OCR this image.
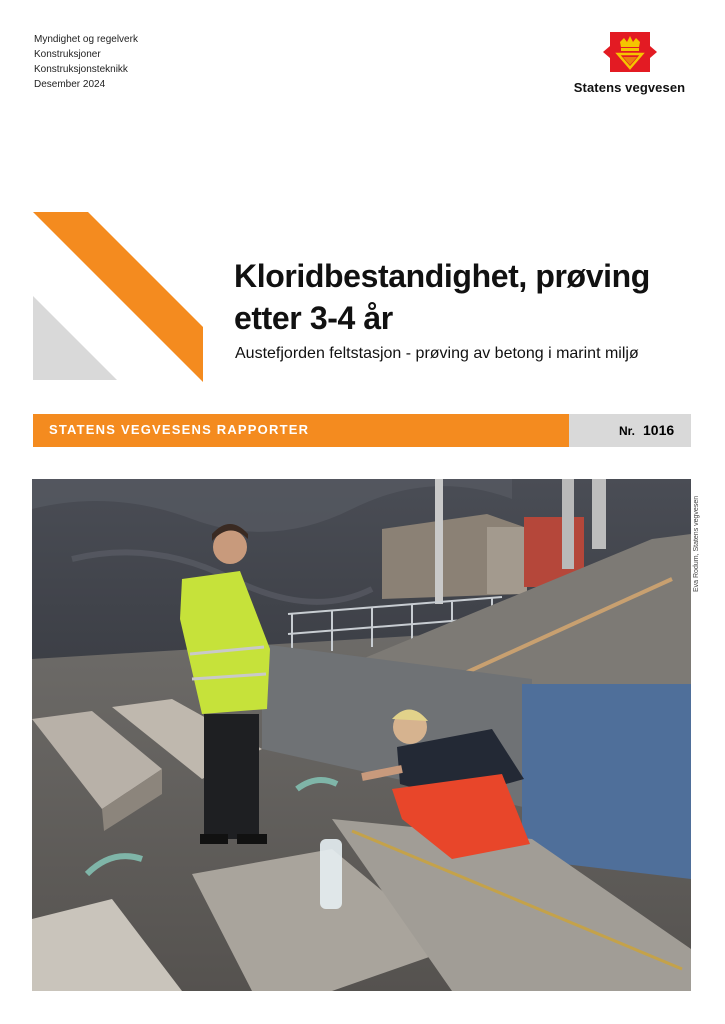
Myndighet og regelverk
Konstruksjoner
Konstruksjonsteknikk
Desember 2024	Statens vegvesen
Kloridbestandighet, prøving
etter 3-4 år
Austefjorden feltstasjon - prøving av betong i marint miljø
STATENS VEGVESENS RAPPORTER	Nr. 1016
Eva Rodum, Statens vegvesen
